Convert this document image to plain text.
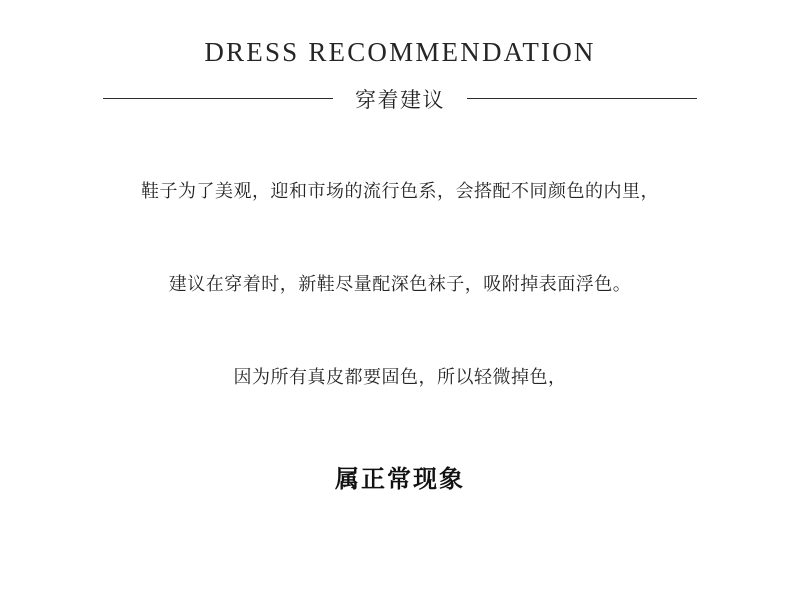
DRESS RECOMMENDATION
穿着建议
鞋子为了美观，迎和市场的流行色系，会搭配不同颜色的内里，
建议在穿着时，新鞋尽量配深色袜子，吸附掉表面浮色。
因为所有真皮都要固色，所以轻微掉色，
属正常现象
